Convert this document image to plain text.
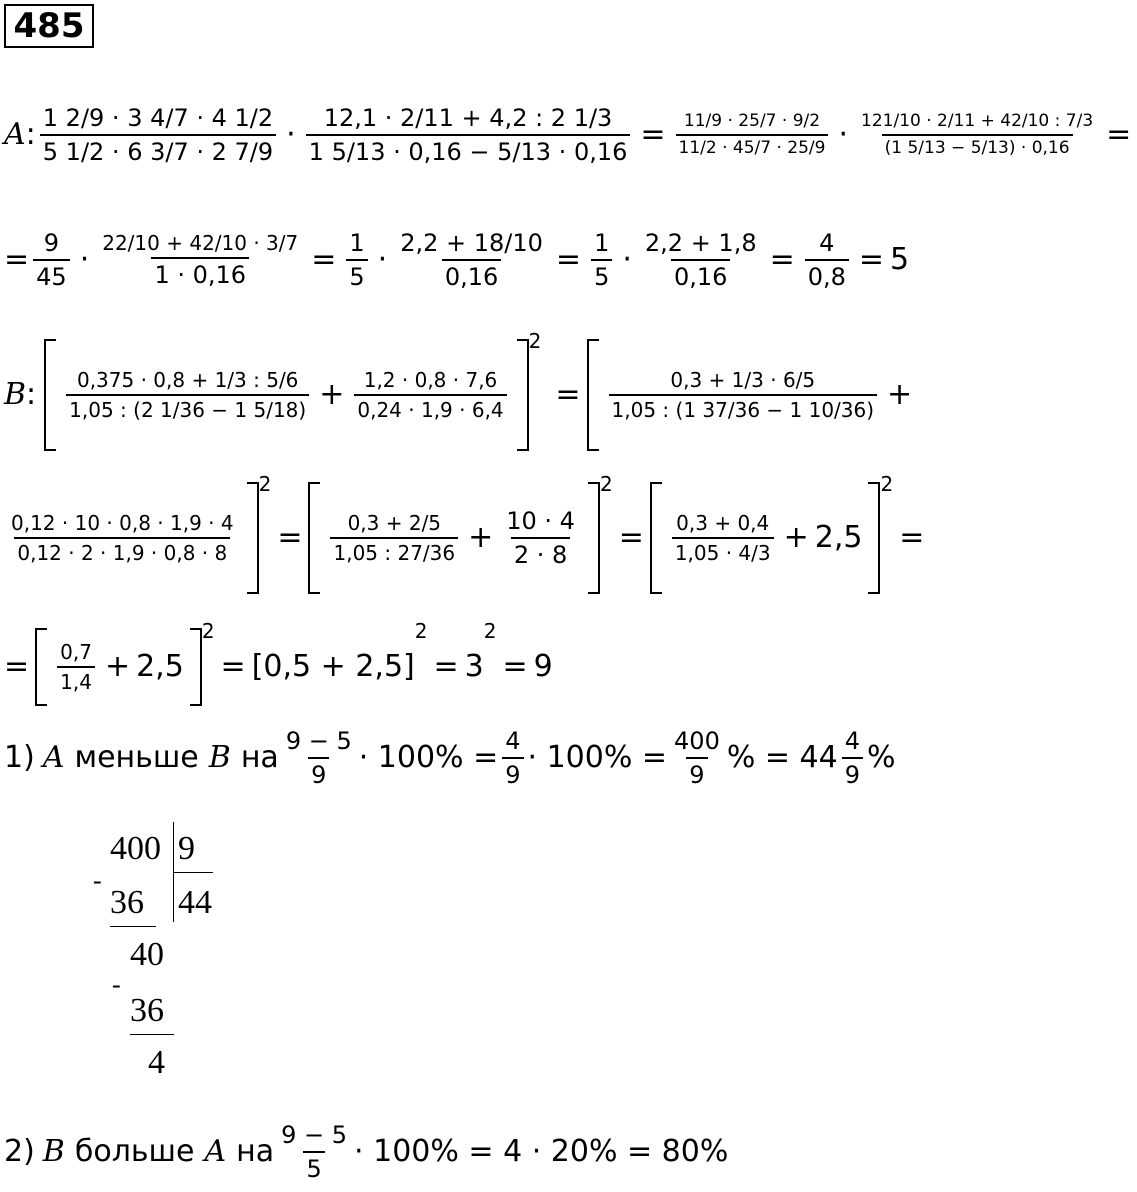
485
A : $\frac{1 2/9 \cdot 3 4/7 \cdot 4 1/2}{5 1/2 \cdot 6 3/7 \cdot 2 7/9} \cdot \frac{12,1 \cdot 2/11 + 4,2 : 2 1/3}{1 5/13 \cdot 0,16 - 5/13 \cdot 0,16} = \frac{11/9 \cdot 25/7 \cdot 9/2}{11/2 \cdot 45/7 \cdot 25/9} \cdot \frac{121/10 \cdot 2/11 + 42/10 : 7/3}{(1 5/13 - 5/13) \cdot 0,16}$ =
= $\frac{9}{45} \cdot \frac{22/10 + 42/10 \cdot 3/7}{1 \cdot 0,16} = \frac{1}{5} \cdot \frac{2,2 + 18/10}{0,16} = \frac{1}{5} \cdot \frac{2,2 + 1,8}{0,16} = \frac{4}{0,8} = 5$
B : $\frac{0,375 \cdot 0,8 + 1/3 : 5/6}{1,05 : (2 1/36 - 1 5/18)} + \frac{1,2 \cdot 0,8 \cdot 7,6}{0,24 \cdot 1,9 \cdot 6,4}$
2
= $\frac{0,3 + 1/3 \cdot 6/5}{1,05 : (1 37/36 - 1 10/36)}$ +
$\frac{0,12 \cdot 10 \cdot 0,8 \cdot 1,9 \cdot 4}{0,12 \cdot 2 \cdot 1,9 \cdot 0,8 \cdot 8}$
2
= $\frac{0,3 + 2/5}{1,05 : 27/36} + \frac{10 \cdot 4}{2 \cdot 8}$
2
= $\frac{0,3 + 0,4}{1,05 \cdot 4/3} + 2,5$
2
=
= $\frac{0,7}{1,4} + 2,5$
2
= [ 0,5 + 2,5 ]
2
= 3
2
= 9
1) A меньше B на $\frac{9 - 5}{9} \cdot 100\% = \frac{4}{9} \cdot 100\% = \frac{400}{9}$ % = $44 \frac{4}{9}$ %
400 9
44
-
36
40
-
36
4
2) B больше A на $\frac{9 - 5}{5} \cdot 100\% = 4 \cdot 20\% = 80\%$
